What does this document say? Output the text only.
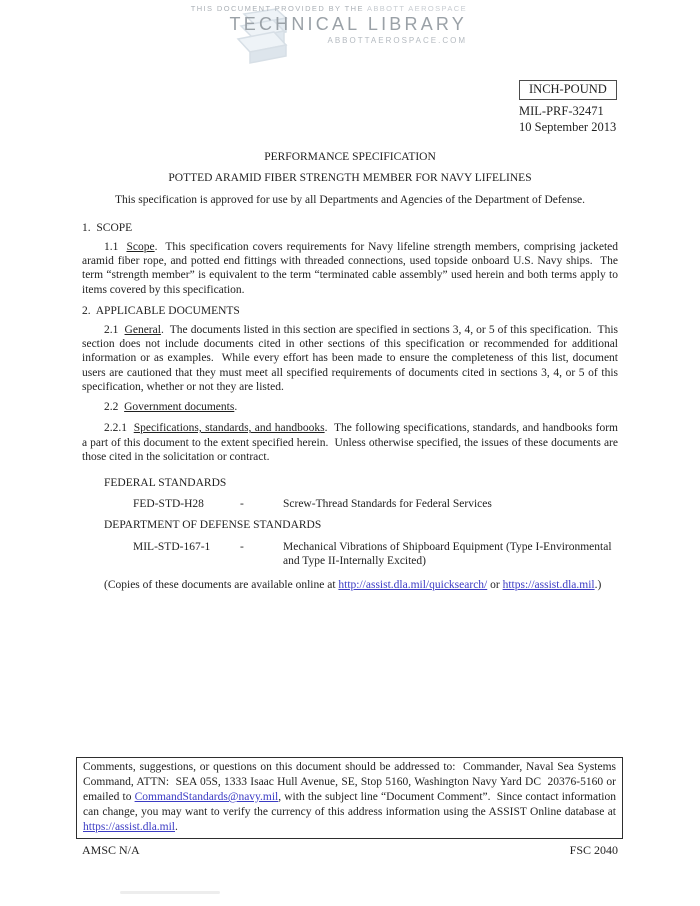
THIS DOCUMENT PROVIDED BY THE ABBOTT AEROSPACE
TECHNICAL LIBRARY
ABBOTTAEROSPACE.COM
INCH-POUND
MIL-PRF-32471
10 September 2013
PERFORMANCE SPECIFICATION
POTTED ARAMID FIBER STRENGTH MEMBER FOR NAVY LIFELINES
This specification is approved for use by all Departments and Agencies of the Department of Defense.
1.  SCOPE

1.1  Scope.  This specification covers requirements for Navy lifeline strength members, comprising jacketed aramid fiber rope, and potted end fittings with threaded connections, used topside onboard U.S. Navy ships.  The term “strength member” is equivalent to the term “terminated cable assembly” used herein and both terms apply to items covered by this specification.

2.  APPLICABLE DOCUMENTS

2.1  General.  The documents listed in this section are specified in sections 3, 4, or 5 of this specification.  This section does not include documents cited in other sections of this specification or recommended for additional information or as examples.  While every effort has been made to ensure the completeness of this list, document users are cautioned that they must meet all specified requirements of documents cited in sections 3, 4, or 5 of this specification, whether or not they are listed.

2.2  Government documents.

2.2.1  Specifications, standards, and handbooks.  The following specifications, standards, and handbooks form a part of this document to the extent specified herein.  Unless otherwise specified, the issues of these documents are those cited in the solicitation or contract.

FEDERAL STANDARDS
FED-STD-H28	-	Screw-Thread Standards for Federal Services
DEPARTMENT OF DEFENSE STANDARDS
MIL-STD-167-1	-	Mechanical Vibrations of Shipboard Equipment (Type I-Environmental and Type II-Internally Excited)
(Copies of these documents are available online at http://assist.dla.mil/quicksearch/ or https://assist.dla.mil.)
Comments, suggestions, or questions on this document should be addressed to:  Commander, Naval Sea Systems Command, ATTN:  SEA 05S, 1333 Isaac Hull Avenue, SE, Stop 5160, Washington Navy Yard DC  20376-5160 or emailed to CommandStandards@navy.mil, with the subject line “Document Comment”.  Since contact information can change, you may want to verify the currency of this address information using the ASSIST Online database at https://assist.dla.mil.
AMSC N/A	FSC 2040
